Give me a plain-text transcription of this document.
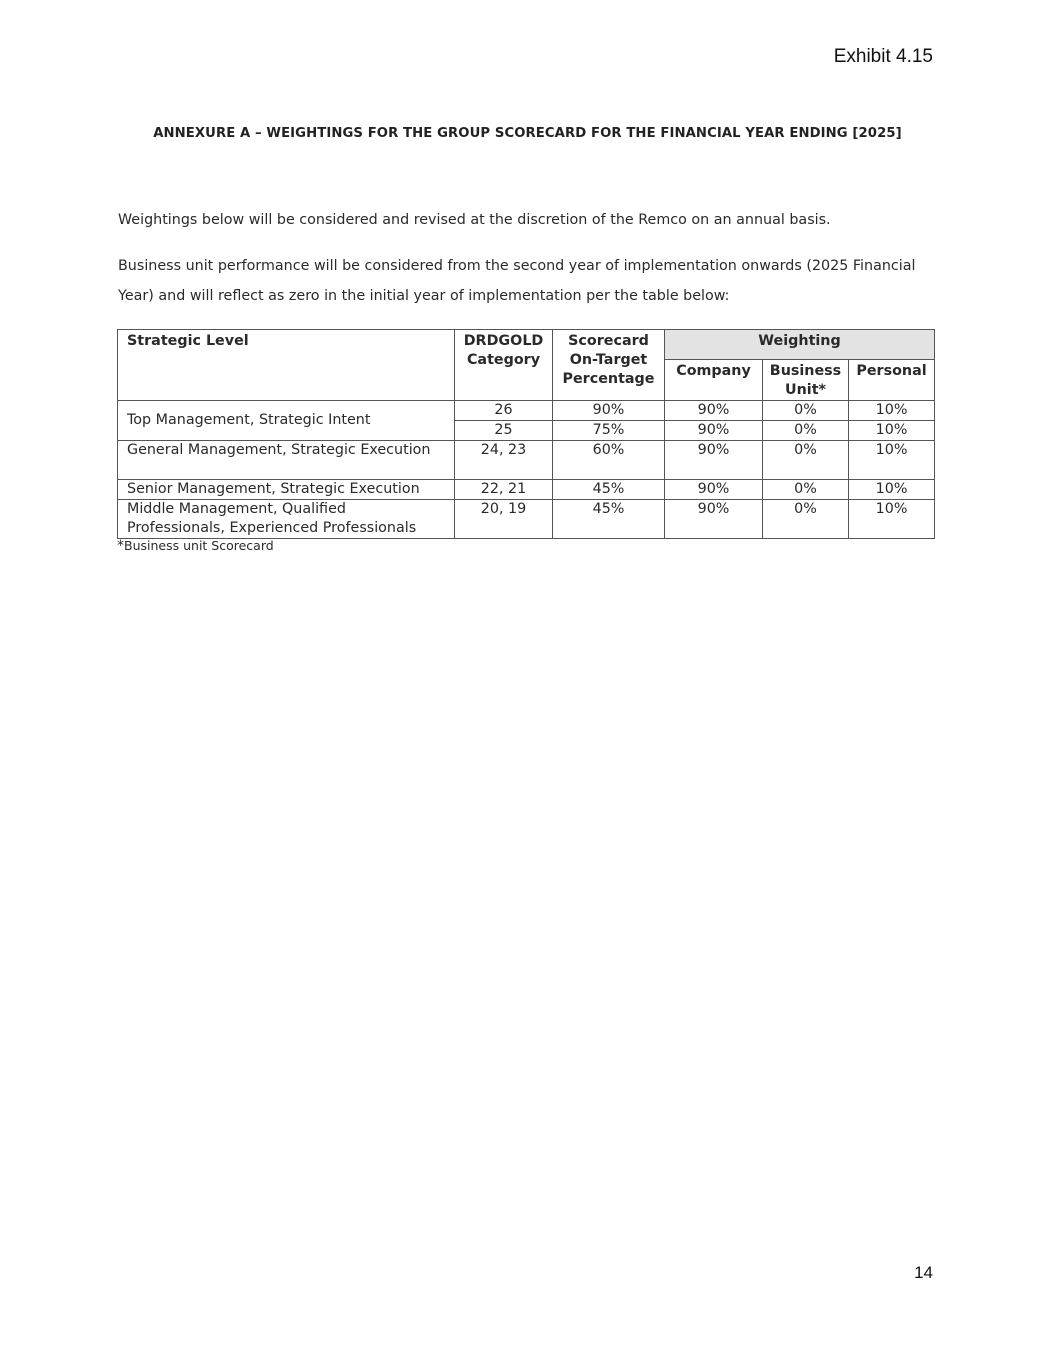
Exhibit 4.15
ANNEXURE A – WEIGHTINGS FOR THE GROUP SCORECARD FOR THE FINANCIAL YEAR ENDING [2025]
Weightings below will be considered and revised at the discretion of the Remco on an annual basis.
Business unit performance will be considered from the second year of implementation onwards (2025 Financial Year) and will reflect as zero in the initial year of implementation per the table below:
Strategic Level	DRDGOLD Category	Scorecard On-Target Percentage	Weighting		
			Company	Business Unit*	Personal
Top Management, Strategic Intent	26	90%	90%	0%	10%
	25	75%	90%	0%	10%
General Management, Strategic Execution	24, 23	60%	90%	0%	10%
Senior Management, Strategic Execution	22, 21	45%	90%	0%	10%
Middle Management, Qualified Professionals, Experienced Professionals	20, 19	45%	90%	0%	10%
*Business unit Scorecard
14
